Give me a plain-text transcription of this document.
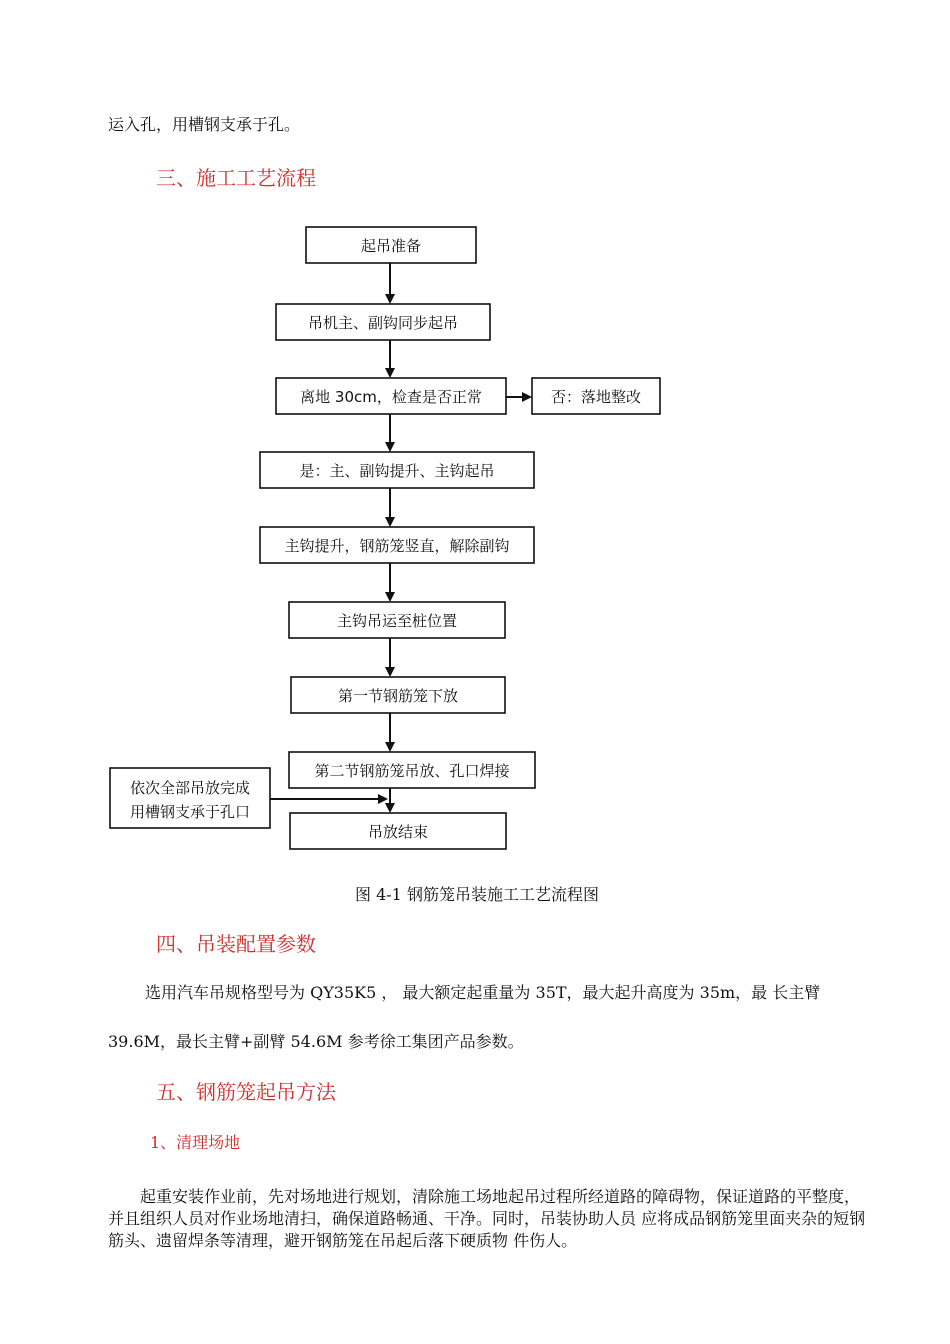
运入孔，用槽钢支承于孔。
三、施工工艺流程
起吊准备
吊机主、副钩同步起吊
离地 30cm，检查是否正常	否：落地整改
是：主、副钩提升、主钩起吊
主钩提升，钢筋笼竖直，解除副钩
主钩吊运至桩位置
第一节钢筋笼下放
第二节钢筋笼吊放、孔口焊接
依次全部吊放完成
用槽钢支承于孔口
吊放结束
图 4-1 钢筋笼吊装施工工艺流程图
四、吊装配置参数
选用汽车吊规格型号为 QY35K5 ， 最大额定起重量为 35T，最大起升高度为 35m，最 长主臂
39.6M，最长主臂+副臂 54.6M 参考徐工集团产品参数。
五、钢筋笼起吊方法
1、清理场地
起重安装作业前，先对场地进行规划，清除施工场地起吊过程所经道路的障碍物，保证道路的平整度，并且组织人员对作业场地清扫，确保道路畅通、干净。同时，吊装协助人员 应将成品钢筋笼里面夹杂的短钢筋头、遗留焊条等清理，避开钢筋笼在吊起后落下硬质物 件伤人。
